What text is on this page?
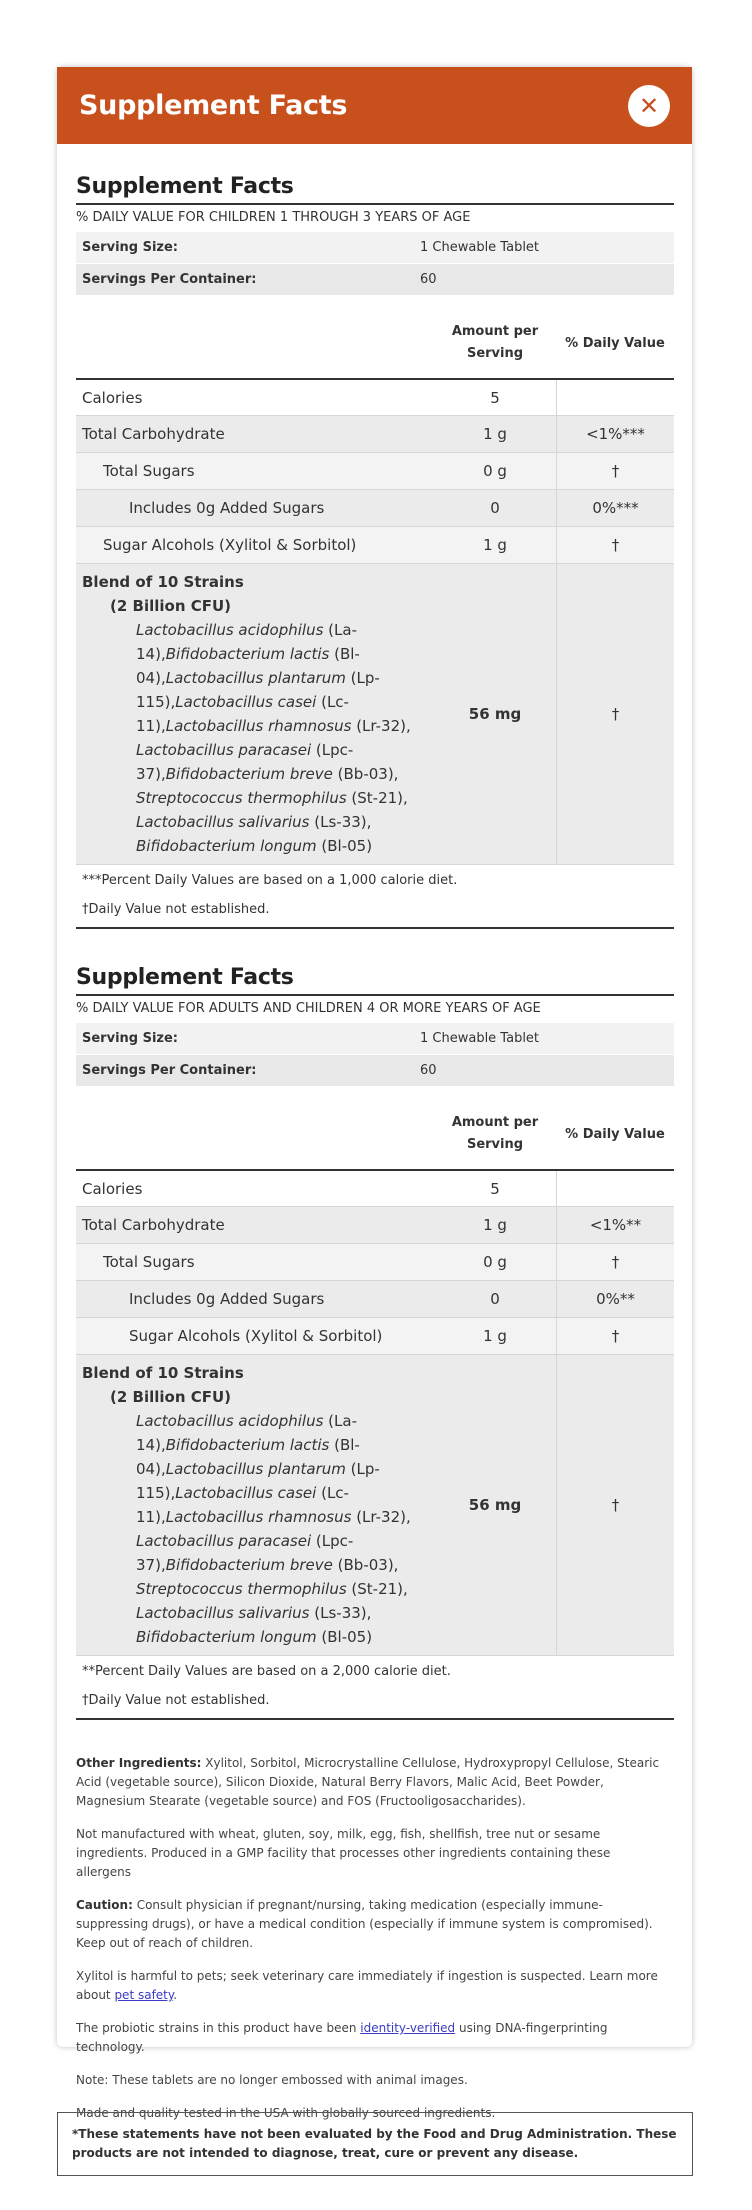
Supplement Facts	✕
Supplement Facts
% DAILY VALUE FOR CHILDREN 1 THROUGH 3 YEARS OF AGE
Serving Size:	1 Chewable Tablet
Servings Per Container:	60
Amount per Serving
% Daily Value
Calories	5
Total Carbohydrate	1 g	<1%***
Total Sugars	0 g	†
Includes 0g Added Sugars	0	0%***
Sugar Alcohols (Xylitol & Sorbitol)	1 g	†
Blend of 10 Strains
(2 Billion CFU)
Lactobacillus acidophilus (La-14),Bifidobacterium lactis (Bl-04),Lactobacillus plantarum (Lp-115),Lactobacillus casei (Lc-11),Lactobacillus rhamnosus (Lr-32), Lactobacillus paracasei (Lpc-37),Bifidobacterium breve (Bb-03), Streptococcus thermophilus (St-21), Lactobacillus salivarius (Ls-33), Bifidobacterium longum (Bl-05)
56 mg	†
***Percent Daily Values are based on a 1,000 calorie diet.
†Daily Value not established.
Supplement Facts
% DAILY VALUE FOR ADULTS AND CHILDREN 4 OR MORE YEARS OF AGE
Serving Size:	1 Chewable Tablet
Servings Per Container:	60
Amount per Serving
% Daily Value
Calories	5
Total Carbohydrate	1 g	<1%**
Total Sugars	0 g	†
Includes 0g Added Sugars	0	0%**
Sugar Alcohols (Xylitol & Sorbitol)	1 g	†
Blend of 10 Strains
(2 Billion CFU)
Lactobacillus acidophilus (La-14),Bifidobacterium lactis (Bl-04),Lactobacillus plantarum (Lp-115),Lactobacillus casei (Lc-11),Lactobacillus rhamnosus (Lr-32), Lactobacillus paracasei (Lpc-37),Bifidobacterium breve (Bb-03), Streptococcus thermophilus (St-21), Lactobacillus salivarius (Ls-33), Bifidobacterium longum (Bl-05)
56 mg	†
**Percent Daily Values are based on a 2,000 calorie diet.
†Daily Value not established.
Other Ingredients: Xylitol, Sorbitol, Microcrystalline Cellulose, Hydroxypropyl Cellulose, Stearic Acid (vegetable source), Silicon Dioxide, Natural Berry Flavors, Malic Acid, Beet Powder, Magnesium Stearate (vegetable source) and FOS (Fructooligosaccharides).
Not manufactured with wheat, gluten, soy, milk, egg, fish, shellfish, tree nut or sesame ingredients. Produced in a GMP facility that processes other ingredients containing these allergens
Caution: Consult physician if pregnant/nursing, taking medication (especially immune-suppressing drugs), or have a medical condition (especially if immune system is compromised). Keep out of reach of children.
Xylitol is harmful to pets; seek veterinary care immediately if ingestion is suspected. Learn more about pet safety.
The probiotic strains in this product have been identity-verified using DNA-fingerprinting technology.
Note: These tablets are no longer embossed with animal images.
Made and quality tested in the USA with globally sourced ingredients.
*These statements have not been evaluated by the Food and Drug Administration. These products are not intended to diagnose, treat, cure or prevent any disease.
